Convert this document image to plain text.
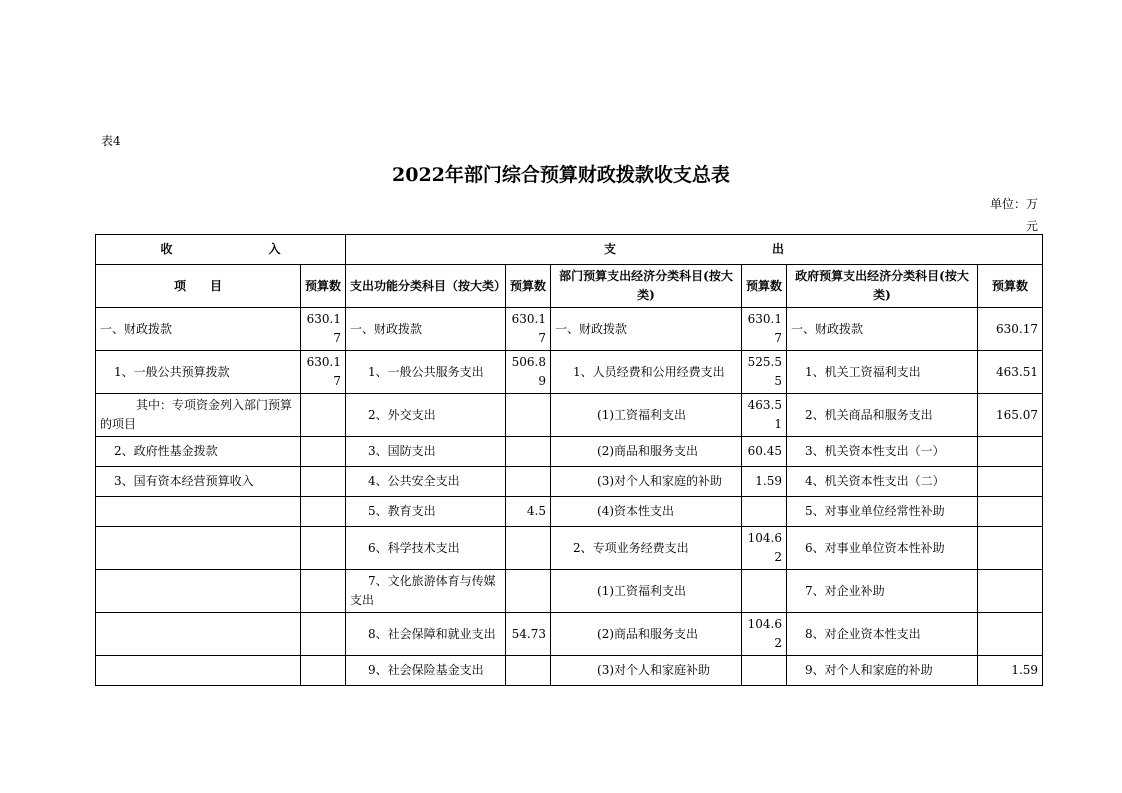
表4
2022年部门综合预算财政拨款收支总表
单位：万
元
收　　　　　　　　入		支　　　　　　　　　　　　　出					
项　　目	预算数	支出功能分类科目（按大类）	预算数	部门预算支出经济分类科目(按大类)	预算数	政府预算支出经济分类科目(按大类)	预算数
一、财政拨款	630.17	一、财政拨款	630.17	一、财政拨款	630.17	一、财政拨款	630.17
1、一般公共预算拨款	630.17	1、一般公共服务支出	506.89	1、人员经费和公用经费支出	525.55	1、机关工资福利支出	463.51
其中：专项资金列入部门预算的项目		2、外交支出		(1)工资福利支出	463.51	2、机关商品和服务支出	165.07
2、政府性基金拨款		3、国防支出		(2)商品和服务支出	60.45	3、机关资本性支出（一）	
3、国有资本经营预算收入		4、公共安全支出		(3)对个人和家庭的补助	1.59	4、机关资本性支出（二）	
		5、教育支出	4.5	(4)资本性支出		5、对事业单位经常性补助	
		6、科学技术支出		2、专项业务经费支出	104.62	6、对事业单位资本性补助	
		7、文化旅游体育与传媒支出		(1)工资福利支出		7、对企业补助	
		8、社会保障和就业支出	54.73	(2)商品和服务支出	104.62	8、对企业资本性支出	
		9、社会保险基金支出		(3)对个人和家庭补助		9、对个人和家庭的补助	1.59
